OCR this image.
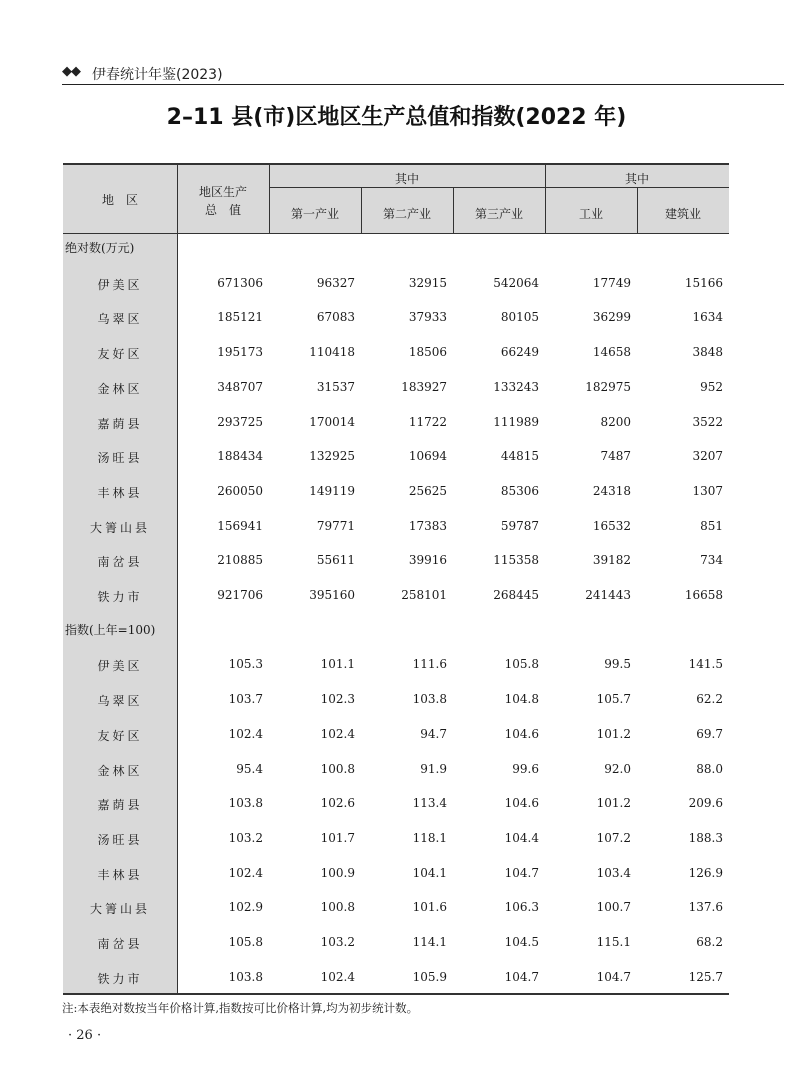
◆◆ 伊春统计年鉴(2023)
2–11 县(市)区地区生产总值和指数(2022 年)
地　区
地区生产
总　值
其中	其中
第一产业	第二产业	第三产业	工业	建筑业
绝对数(万元)
伊美区	671306	96327	32915	542064	17749	15166
乌翠区	185121	67083	37933	80105	36299	1634
友好区	195173	110418	18506	66249	14658	3848
金林区	348707	31537	183927	133243	182975	952
嘉荫县	293725	170014	11722	111989	8200	3522
汤旺县	188434	132925	10694	44815	7487	3207
丰林县	260050	149119	25625	85306	24318	1307
大箐山县	156941	79771	17383	59787	16532	851
南岔县	210885	55611	39916	115358	39182	734
铁力市	921706	395160	258101	268445	241443	16658
指数(上年=100)
伊美区	105.3	101.1	111.6	105.8	99.5	141.5
乌翠区	103.7	102.3	103.8	104.8	105.7	62.2
友好区	102.4	102.4	94.7	104.6	101.2	69.7
金林区	95.4	100.8	91.9	99.6	92.0	88.0
嘉荫县	103.8	102.6	113.4	104.6	101.2	209.6
汤旺县	103.2	101.7	118.1	104.4	107.2	188.3
丰林县	102.4	100.9	104.1	104.7	103.4	126.9
大箐山县	102.9	100.8	101.6	106.3	100.7	137.6
南岔县	105.8	103.2	114.1	104.5	115.1	68.2
铁力市	103.8	102.4	105.9	104.7	104.7	125.7
注:本表绝对数按当年价格计算,指数按可比价格计算,均为初步统计数。
· 26 ·
